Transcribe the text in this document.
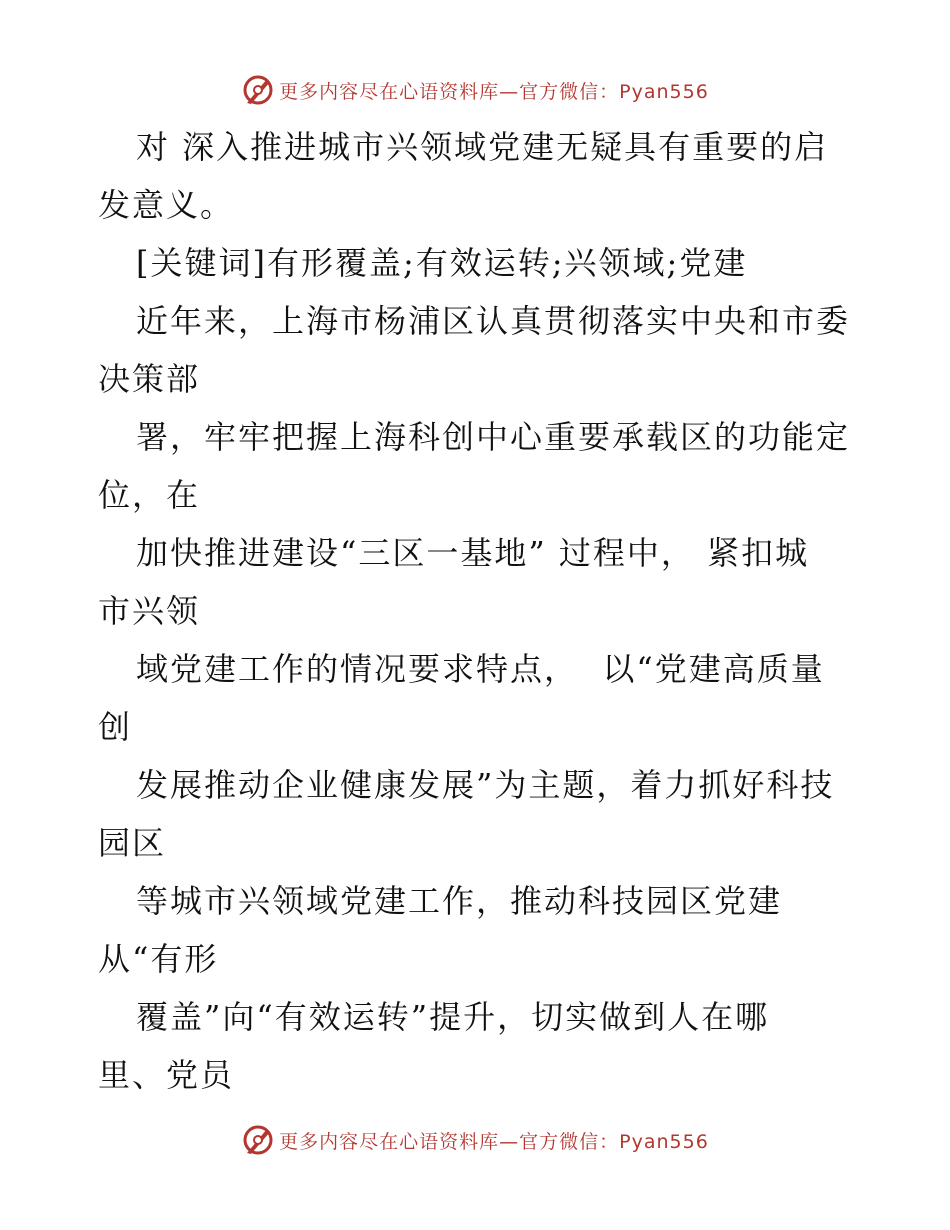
更多内容尽在心语资料库—官方微信：Pyan556

对 深入推进城市兴领域党建无疑具有重要的启

发意义。

[关键词]有形覆盖;有效运转;兴领域;党建

近年来，上海市杨浦区认真贯彻落实中央和市委

决策部

署，牢牢把握上海科创中心重要承载区的功能定

位，在

加快推进建设“三区一基地” 过程中， 紧扣城

市兴领

域党建工作的情况要求特点，  以“党建高质量

创

发展推动企业健康发展”为主题，着力抓好科技

园区

等城市兴领域党建工作，推动科技园区党建

从“有形

覆盖”向“有效运转”提升，切实做到人在哪

里、党员

更多内容尽在心语资料库—官方微信：Pyan556
